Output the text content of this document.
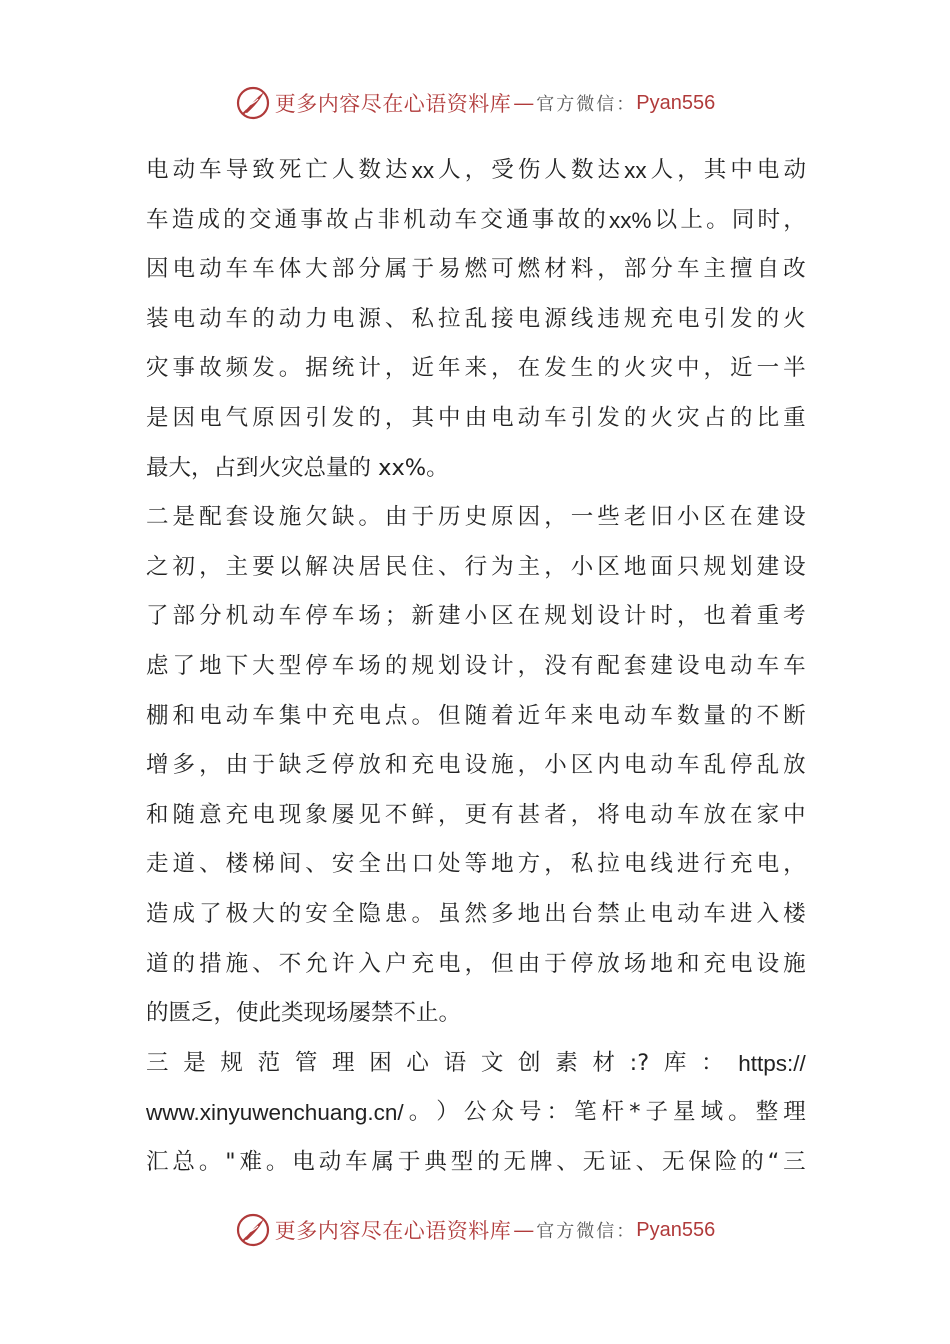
更多内容尽在心语资料库 — 官方微信： Pyan556
电 动 车 导 致 死 亡 人 数 达 xx 人 ， 受 伤 人 数 达 xx 人 ， 其 中 电 动
车 造 成 的 交 通 事 故 占 非 机 动 车 交 通 事 故 的 xx% 以 上 。 同 时 ，
因 电 动 车 车 体 大 部 分 属 于 易 燃 可 燃 材 料 ， 部 分 车 主 擅 自 改
装 电 动 车 的 动 力 电 源 、 私 拉 乱 接 电 源 线 违 规 充 电 引 发 的 火
灾 事 故 频 发 。 据 统 计 ， 近 年 来 ， 在 发 生 的 火 灾 中 ， 近 一 半
是 因 电 气 原 因 引 发 的 ， 其 中 由 电 动 车 引 发 的 火 灾 占 的 比 重
最大，占到火灾总量的 xx%。
二 是 配 套 设 施 欠 缺 。 由 于 历 史 原 因 ， 一 些 老 旧 小 区 在 建 设
之 初 ， 主 要 以 解 决 居 民 住 、 行 为 主 ， 小 区 地 面 只 规 划 建 设
了 部 分 机 动 车 停 车 场 ； 新 建 小 区 在 规 划 设 计 时 ， 也 着 重 考
虑 了 地 下 大 型 停 车 场 的 规 划 设 计 ， 没 有 配 套 建 设 电 动 车 车
棚 和 电 动 车 集 中 充 电 点 。 但 随 着 近 年 来 电 动 车 数 量 的 不 断
增 多 ， 由 于 缺 乏 停 放 和 充 电 设 施 ， 小 区 内 电 动 车 乱 停 乱 放
和 随 意 充 电 现 象 屡 见 不 鲜 ， 更 有 甚 者 ， 将 电 动 车 放 在 家 中
走 道 、 楼 梯 间 、 安 全 出 口 处 等 地 方 ， 私 拉 电 线 进 行 充 电 ，
造 成 了 极 大 的 安 全 隐 患 。 虽 然 多 地 出 台 禁 止 电 动 车 进 入 楼
道 的 措 施 、 不 允 许 入 户 充 电 ， 但 由 于 停 放 场 地 和 充 电 设 施
的匮乏，使此类现场屡禁不止。
三 是 规 范 管 理 困 心 语 文 创 素 材 :? 库 ： https://
www.xinyuwenchuang.cn/ 。 ） 公 众 号 ： 笔 杆 * 子 星 域 。 整 理
汇 总 。 " 难 。 电 动 车 属 于 典 型 的 无 牌 、 无 证 、 无 保 险 的 “ 三
更多内容尽在心语资料库 — 官方微信： Pyan556
